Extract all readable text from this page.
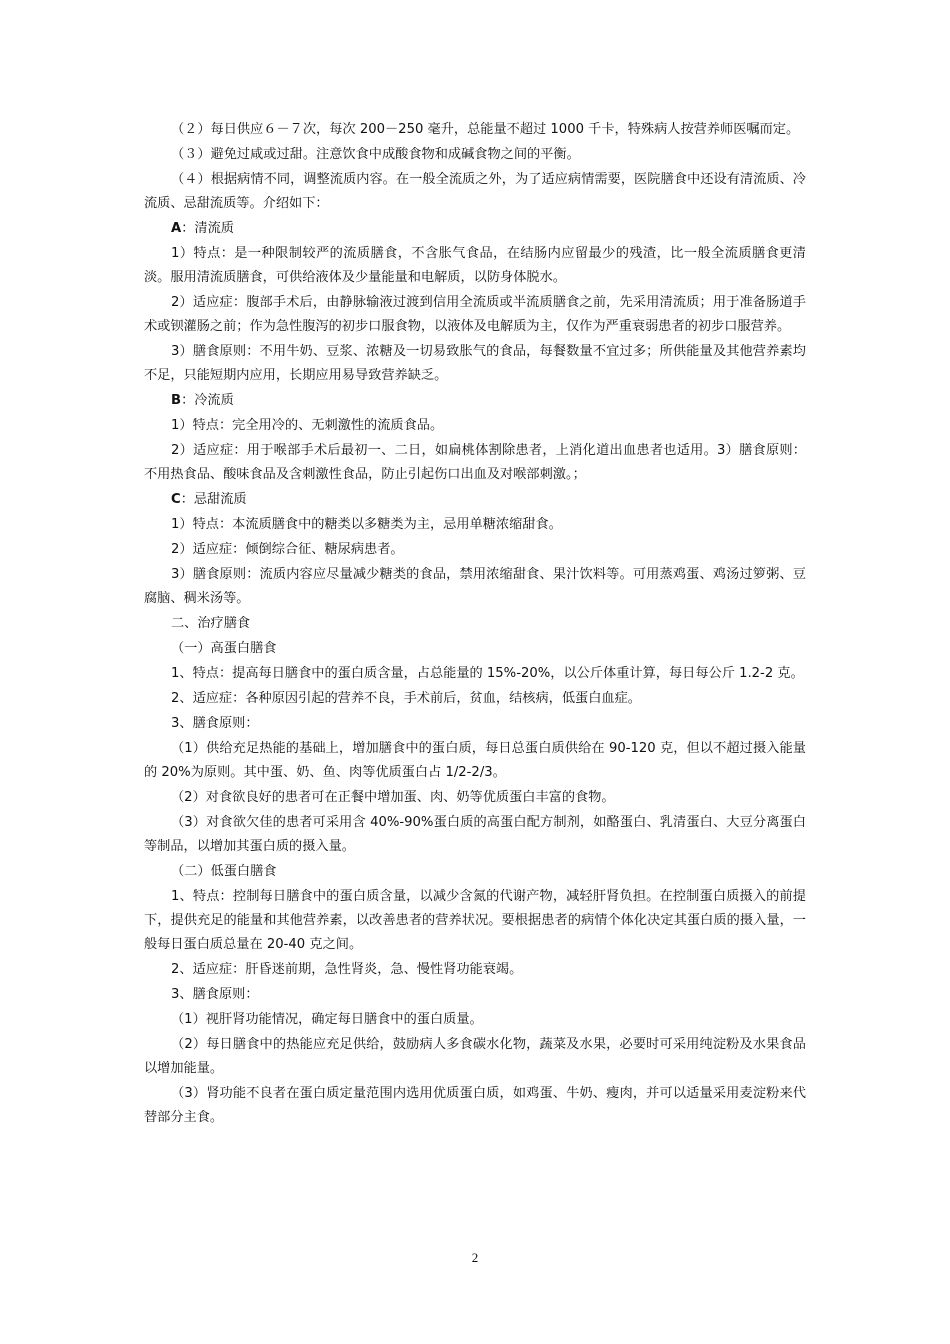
（２）每日供应６－７次，每次 200－250 毫升，总能量不超过 1000 千卡，特殊病人按营养师医嘱而定。

（３）避免过咸或过甜。注意饮食中成酸食物和成碱食物之间的平衡。

（４）根据病情不同，调整流质内容。在一般全流质之外，为了适应病情需要，医院膳食中还设有清流质、冷流质、忌甜流质等。介绍如下：

A：清流质

1）特点：是一种限制较严的流质膳食，不含胀气食品，在结肠内应留最少的残渣，比一般全流质膳食更清淡。服用清流质膳食，可供给液体及少量能量和电解质，以防身体脱水。

2）适应症：腹部手术后，由静脉输液过渡到信用全流质或半流质膳食之前，先采用清流质；用于准备肠道手术或钡灌肠之前；作为急性腹泻的初步口服食物，以液体及电解质为主，仅作为严重衰弱患者的初步口服营养。

3）膳食原则：不用牛奶、豆浆、浓糖及一切易致胀气的食品，每餐数量不宜过多；所供能量及其他营养素均不足，只能短期内应用，长期应用易导致营养缺乏。

B：冷流质

1）特点：完全用冷的、无刺激性的流质食品。

2）适应症：用于喉部手术后最初一、二日，如扁桃体割除患者，上消化道出血患者也适用。3）膳食原则：不用热食品、酸味食品及含刺激性食品，防止引起伤口出血及对喉部刺激。；

C：忌甜流质

1）特点：本流质膳食中的糖类以多糖类为主，忌用单糖浓缩甜食。

2）适应症：倾倒综合征、糖尿病患者。

3）膳食原则：流质内容应尽量减少糖类的食品，禁用浓缩甜食、果汁饮料等。可用蒸鸡蛋、鸡汤过箩粥、豆腐脑、稠米汤等。

二、治疗膳食

（一）高蛋白膳食

1、特点：提高每日膳食中的蛋白质含量，占总能量的 15%-20%，以公斤体重计算，每日每公斤 1.2-2 克。

2、适应症：各种原因引起的营养不良，手术前后，贫血，结核病，低蛋白血症。

3、膳食原则：

（1）供给充足热能的基础上，增加膳食中的蛋白质，每日总蛋白质供给在 90-120 克，但以不超过摄入能量的 20%为原则。其中蛋、奶、鱼、肉等优质蛋白占 1/2-2/3。

（2）对食欲良好的患者可在正餐中增加蛋、肉、奶等优质蛋白丰富的食物。

（3）对食欲欠佳的患者可采用含 40%-90%蛋白质的高蛋白配方制剂，如酪蛋白、乳清蛋白、大豆分离蛋白等制品，以增加其蛋白质的摄入量。

（二）低蛋白膳食

1、特点：控制每日膳食中的蛋白质含量，以减少含氮的代谢产物，减轻肝肾负担。在控制蛋白质摄入的前提下，提供充足的能量和其他营养素，以改善患者的营养状况。要根据患者的病情个体化决定其蛋白质的摄入量，一般每日蛋白质总量在 20-40 克之间。

2、适应症：肝昏迷前期，急性肾炎，急、慢性肾功能衰竭。

3、膳食原则：

（1）视肝肾功能情况，确定每日膳食中的蛋白质量。

（2）每日膳食中的热能应充足供给，鼓励病人多食碳水化物，蔬菜及水果，必要时可采用纯淀粉及水果食品以增加能量。

（3）肾功能不良者在蛋白质定量范围内选用优质蛋白质，如鸡蛋、牛奶、瘦肉，并可以适量采用麦淀粉来代替部分主食。

2
